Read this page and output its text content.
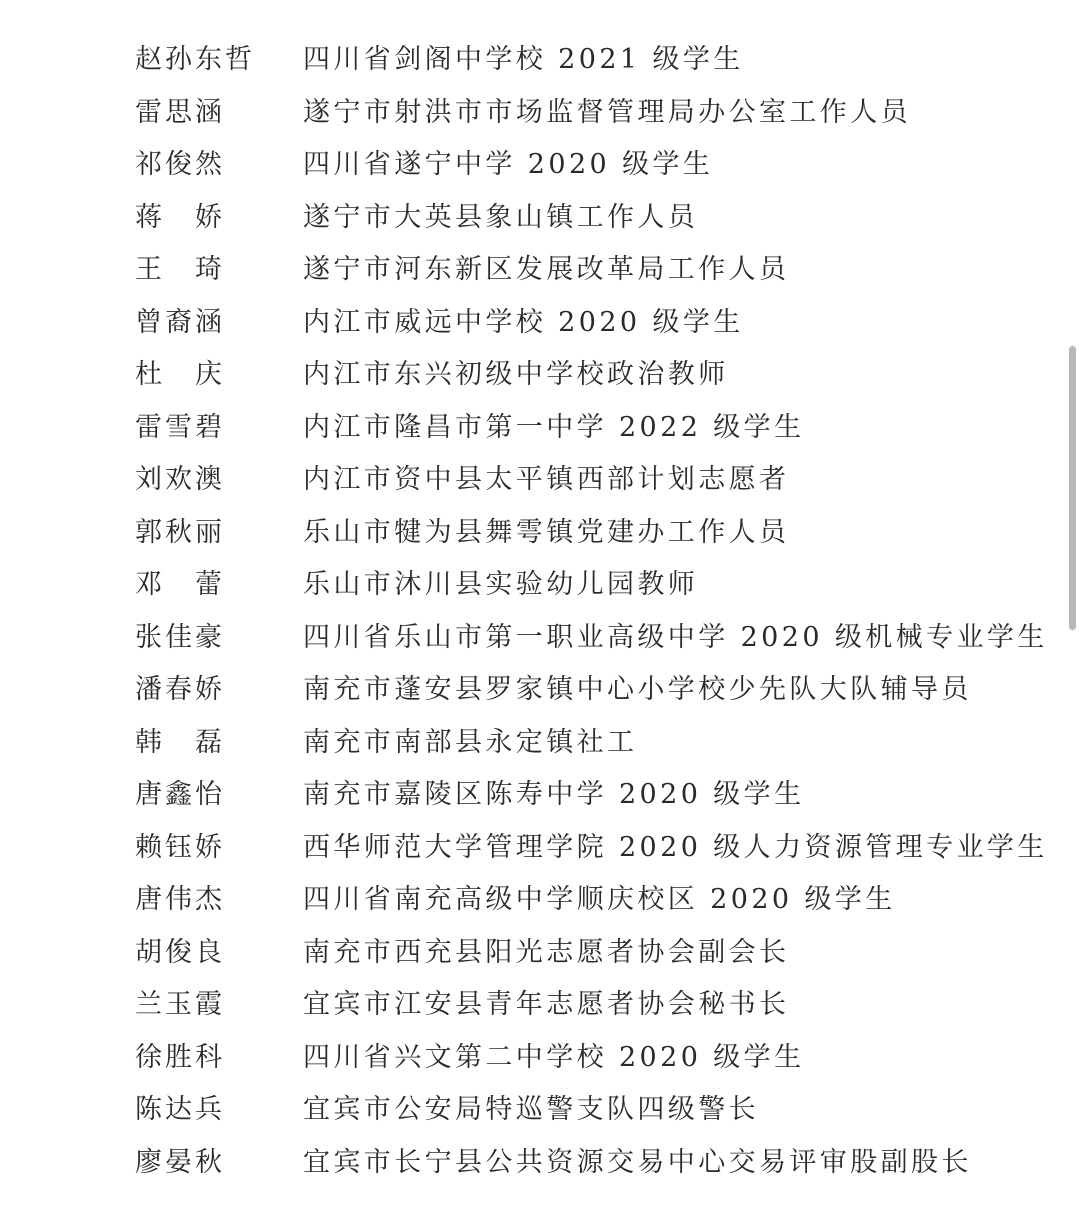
赵孙东哲	四川省剑阁中学校 2021 级学生
雷思涵	遂宁市射洪市市场监督管理局办公室工作人员
祁俊然	四川省遂宁中学 2020 级学生
蒋　娇	遂宁市大英县象山镇工作人员
王　琦	遂宁市河东新区发展改革局工作人员
曾裔涵	内江市威远中学校 2020 级学生
杜　庆	内江市东兴初级中学校政治教师
雷雪碧	内江市隆昌市第一中学 2022 级学生
刘欢澳	内江市资中县太平镇西部计划志愿者
郭秋丽	乐山市犍为县舞雩镇党建办工作人员
邓　蕾	乐山市沐川县实验幼儿园教师
张佳豪	四川省乐山市第一职业高级中学 2020 级机械专业学生
潘春娇	南充市蓬安县罗家镇中心小学校少先队大队辅导员
韩　磊	南充市南部县永定镇社工
唐鑫怡	南充市嘉陵区陈寿中学 2020 级学生
赖钰娇	西华师范大学管理学院 2020 级人力资源管理专业学生
唐伟杰	四川省南充高级中学顺庆校区 2020 级学生
胡俊良	南充市西充县阳光志愿者协会副会长
兰玉霞	宜宾市江安县青年志愿者协会秘书长
徐胜科	四川省兴文第二中学校 2020 级学生
陈达兵	宜宾市公安局特巡警支队四级警长
廖晏秋	宜宾市长宁县公共资源交易中心交易评审股副股长
